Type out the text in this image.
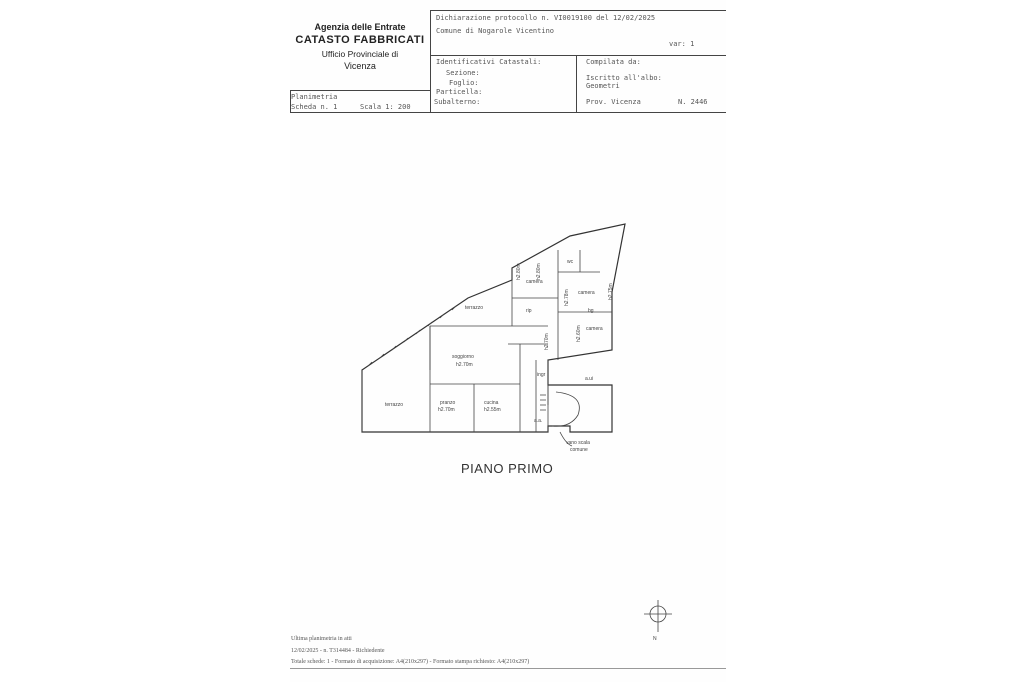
Agenzia delle Entrate
CATASTO FABBRICATI
Ufficio Provinciale di
Vicenza
Dichiarazione protocollo n. VI0019100 del 12/02/2025
Comune di Nogarole Vicentino
var: 1
Identificativi Catastali:
Sezione:
Foglio:
Particella:
Subalterno:
Compilata da:
Iscritto all'albo:
Geometri
Prov. Vicenza	N. 2446
Planimetria
Scheda n. 1	Scala 1: 200
N
terrazzo
terrazzo
soggiorno
h2.70m
pranzo
h2.70m
cucina
h2.55m
camera
camera
camera
wc
bg
rip
ingr
a.a.
a.ui
h2.80m
h2.78m	h2.75m
h2.60m
h2.80m
h2.70m
vano scala
comune
PIANO PRIMO
Ultima planimetria in atti
12/02/2025 - n. T314484 - Richiedente
Totale schede: 1 - Formato di acquisizione: A4(210x297) - Formato stampa richiesto: A4(210x297)
